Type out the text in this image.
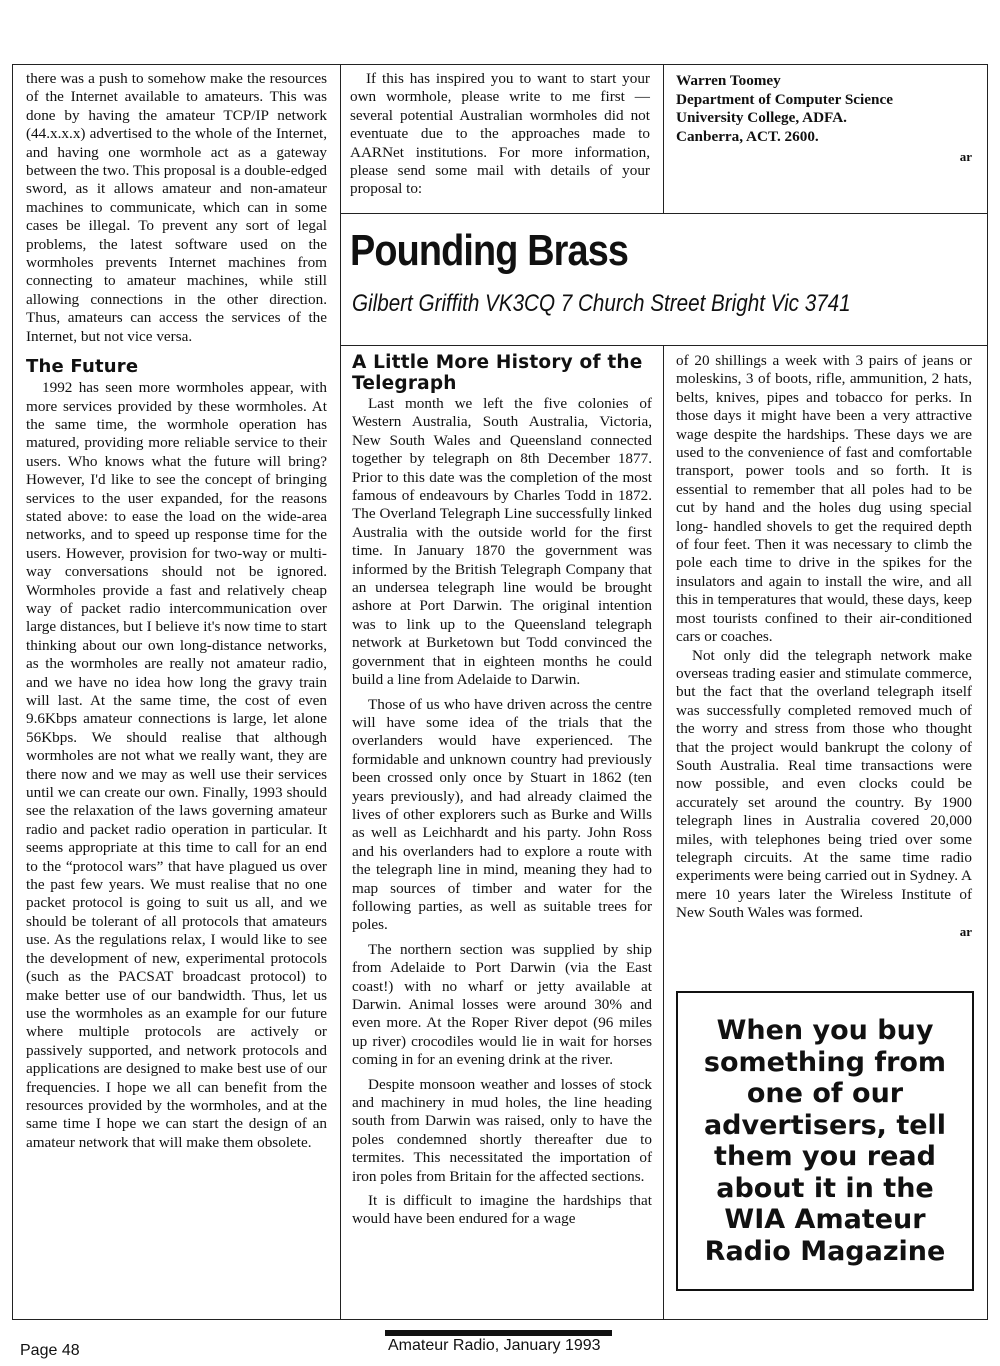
there was a push to somehow make the resources of the Internet available to amateurs. This was done by having the amateur TCP/IP network (44.x.x.x) advertised to the whole of the Internet, and having one wormhole act as a gateway between the two. This proposal is a double-edged sword, as it allows amateur and non-amateur machines to communicate, which can in some cases be illegal. To prevent any sort of legal problems, the latest software used on the wormholes prevents Internet machines from connecting to amateur machines, while still allowing connections in the other direction. Thus, amateurs can access the services of the Internet, but not vice versa.

The Future

1992 has seen more wormholes appear, with more services provided by these wormholes. At the same time, the wormhole operation has matured, providing more reliable service to their users. Who knows what the future will bring? However, I'd like to see the concept of bringing services to the user expanded, for the reasons stated above: to ease the load on the wide-area networks, and to speed up response time for the users. However, provision for two-way or multi-way conversations should not be ignored. Wormholes provide a fast and relatively cheap way of packet radio intercommunication over large distances, but I believe it's now time to start thinking about our own long-distance networks, as the wormholes are really not amateur radio, and we have no idea how long the gravy train will last. At the same time, the cost of even 9.6Kbps amateur connections is large, let alone 56Kbps. We should realise that although wormholes are not what we really want, they are there now and we may as well use their services until we can create our own. Finally, 1993 should see the relaxation of the laws governing amateur radio and packet radio operation in particular. It seems appropriate at this time to call for an end to the “protocol wars” that have plagued us over the past few years. We must realise that no one packet protocol is going to suit us all, and we should be tolerant of all protocols that amateurs use. As the regulations relax, I would like to see the development of new, experimental protocols (such as the PACSAT broadcast protocol) to make better use of our bandwidth. Thus, let us use the wormholes as an example for our future where multiple protocols are actively or passively supported, and network protocols and applications are designed to make best use of our frequencies. I hope we all can benefit from the resources provided by the wormholes, and at the same time I hope we can start the design of an amateur network that will make them obsolete.

If this has inspired you to want to start your own wormhole, please write to me first — several potential Australian wormholes did not eventuate due to the approaches made to AARNet institutions. For more information, please send some mail with details of your proposal to:

Warren Toomey
Department of Computer Science
University College, ADFA.
Canberra, ACT. 2600.
ar
Pounding Brass
Gilbert Griffith VK3CQ 7 Church Street Bright Vic 3741
A Little More History of the Telegraph

Last month we left the five colonies of Western Australia, South Australia, Victoria, New South Wales and Queensland connected together by telegraph on 8th December 1877. Prior to this date was the completion of the most famous of endeavours by Charles Todd in 1872. The Overland Telegraph Line successfully linked Australia with the outside world for the first time. In January 1870 the government was informed by the British Telegraph Company that an undersea telegraph line would be brought ashore at Port Darwin. The original intention was to link up to the Queensland telegraph network at Burketown but Todd convinced the government that in eighteen months he could build a line from Adelaide to Darwin.

Those of us who have driven across the centre will have some idea of the trials that the overlanders would have experienced. The formidable and unknown country had previously been crossed only once by Stuart in 1862 (ten years previously), and had already claimed the lives of other explorers such as Burke and Wills as well as Leichhardt and his party. John Ross and his overlanders had to explore a route with the telegraph line in mind, meaning they had to map sources of timber and water for the following parties, as well as suitable trees for poles.

The northern section was supplied by ship from Adelaide to Port Darwin (via the East coast!) with no wharf or jetty available at Darwin. Animal losses were around 30% and even more. At the Roper River depot (96 miles up river) crocodiles would lie in wait for horses coming in for an evening drink at the river.

Despite monsoon weather and losses of stock and machinery in mud holes, the line heading south from Darwin was raised, only to have the poles condemned shortly thereafter due to termites. This necessitated the importation of iron poles from Britain for the affected sections.

It is difficult to imagine the hardships that would have been endured for a wage

of 20 shillings a week with 3 pairs of jeans or moleskins, 3 of boots, rifle, ammunition, 2 hats, belts, knives, pipes and tobacco for perks. In those days it might have been a very attractive wage despite the hardships. These days we are used to the convenience of fast and comfortable transport, power tools and so forth. It is essential to remember that all poles had to be cut by hand and the holes dug using special long- handled shovels to get the required depth of four feet. Then it was necessary to climb the pole each time to drive in the spikes for the insulators and again to install the wire, and all this in temperatures that would, these days, keep most tourists confined to their air-conditioned cars or coaches.

Not only did the telegraph network make overseas trading easier and stimulate commerce, but the fact that the overland telegraph itself was successfully completed removed much of the worry and stress from those who thought that the project would bankrupt the colony of South Australia. Real time transactions were now possible, and even clocks could be accurately set around the country. By 1900 telegraph lines in Australia covered 20,000 miles, with telephones being tried over some telegraph circuits. At the same time radio experiments were being carried out in Sydney. A mere 10 years later the Wireless Institute of New South Wales was formed.

ar
When you buy something from one of our advertisers, tell them you read about it in the WIA Amateur Radio Magazine
Page 48	Amateur Radio, January 1993
